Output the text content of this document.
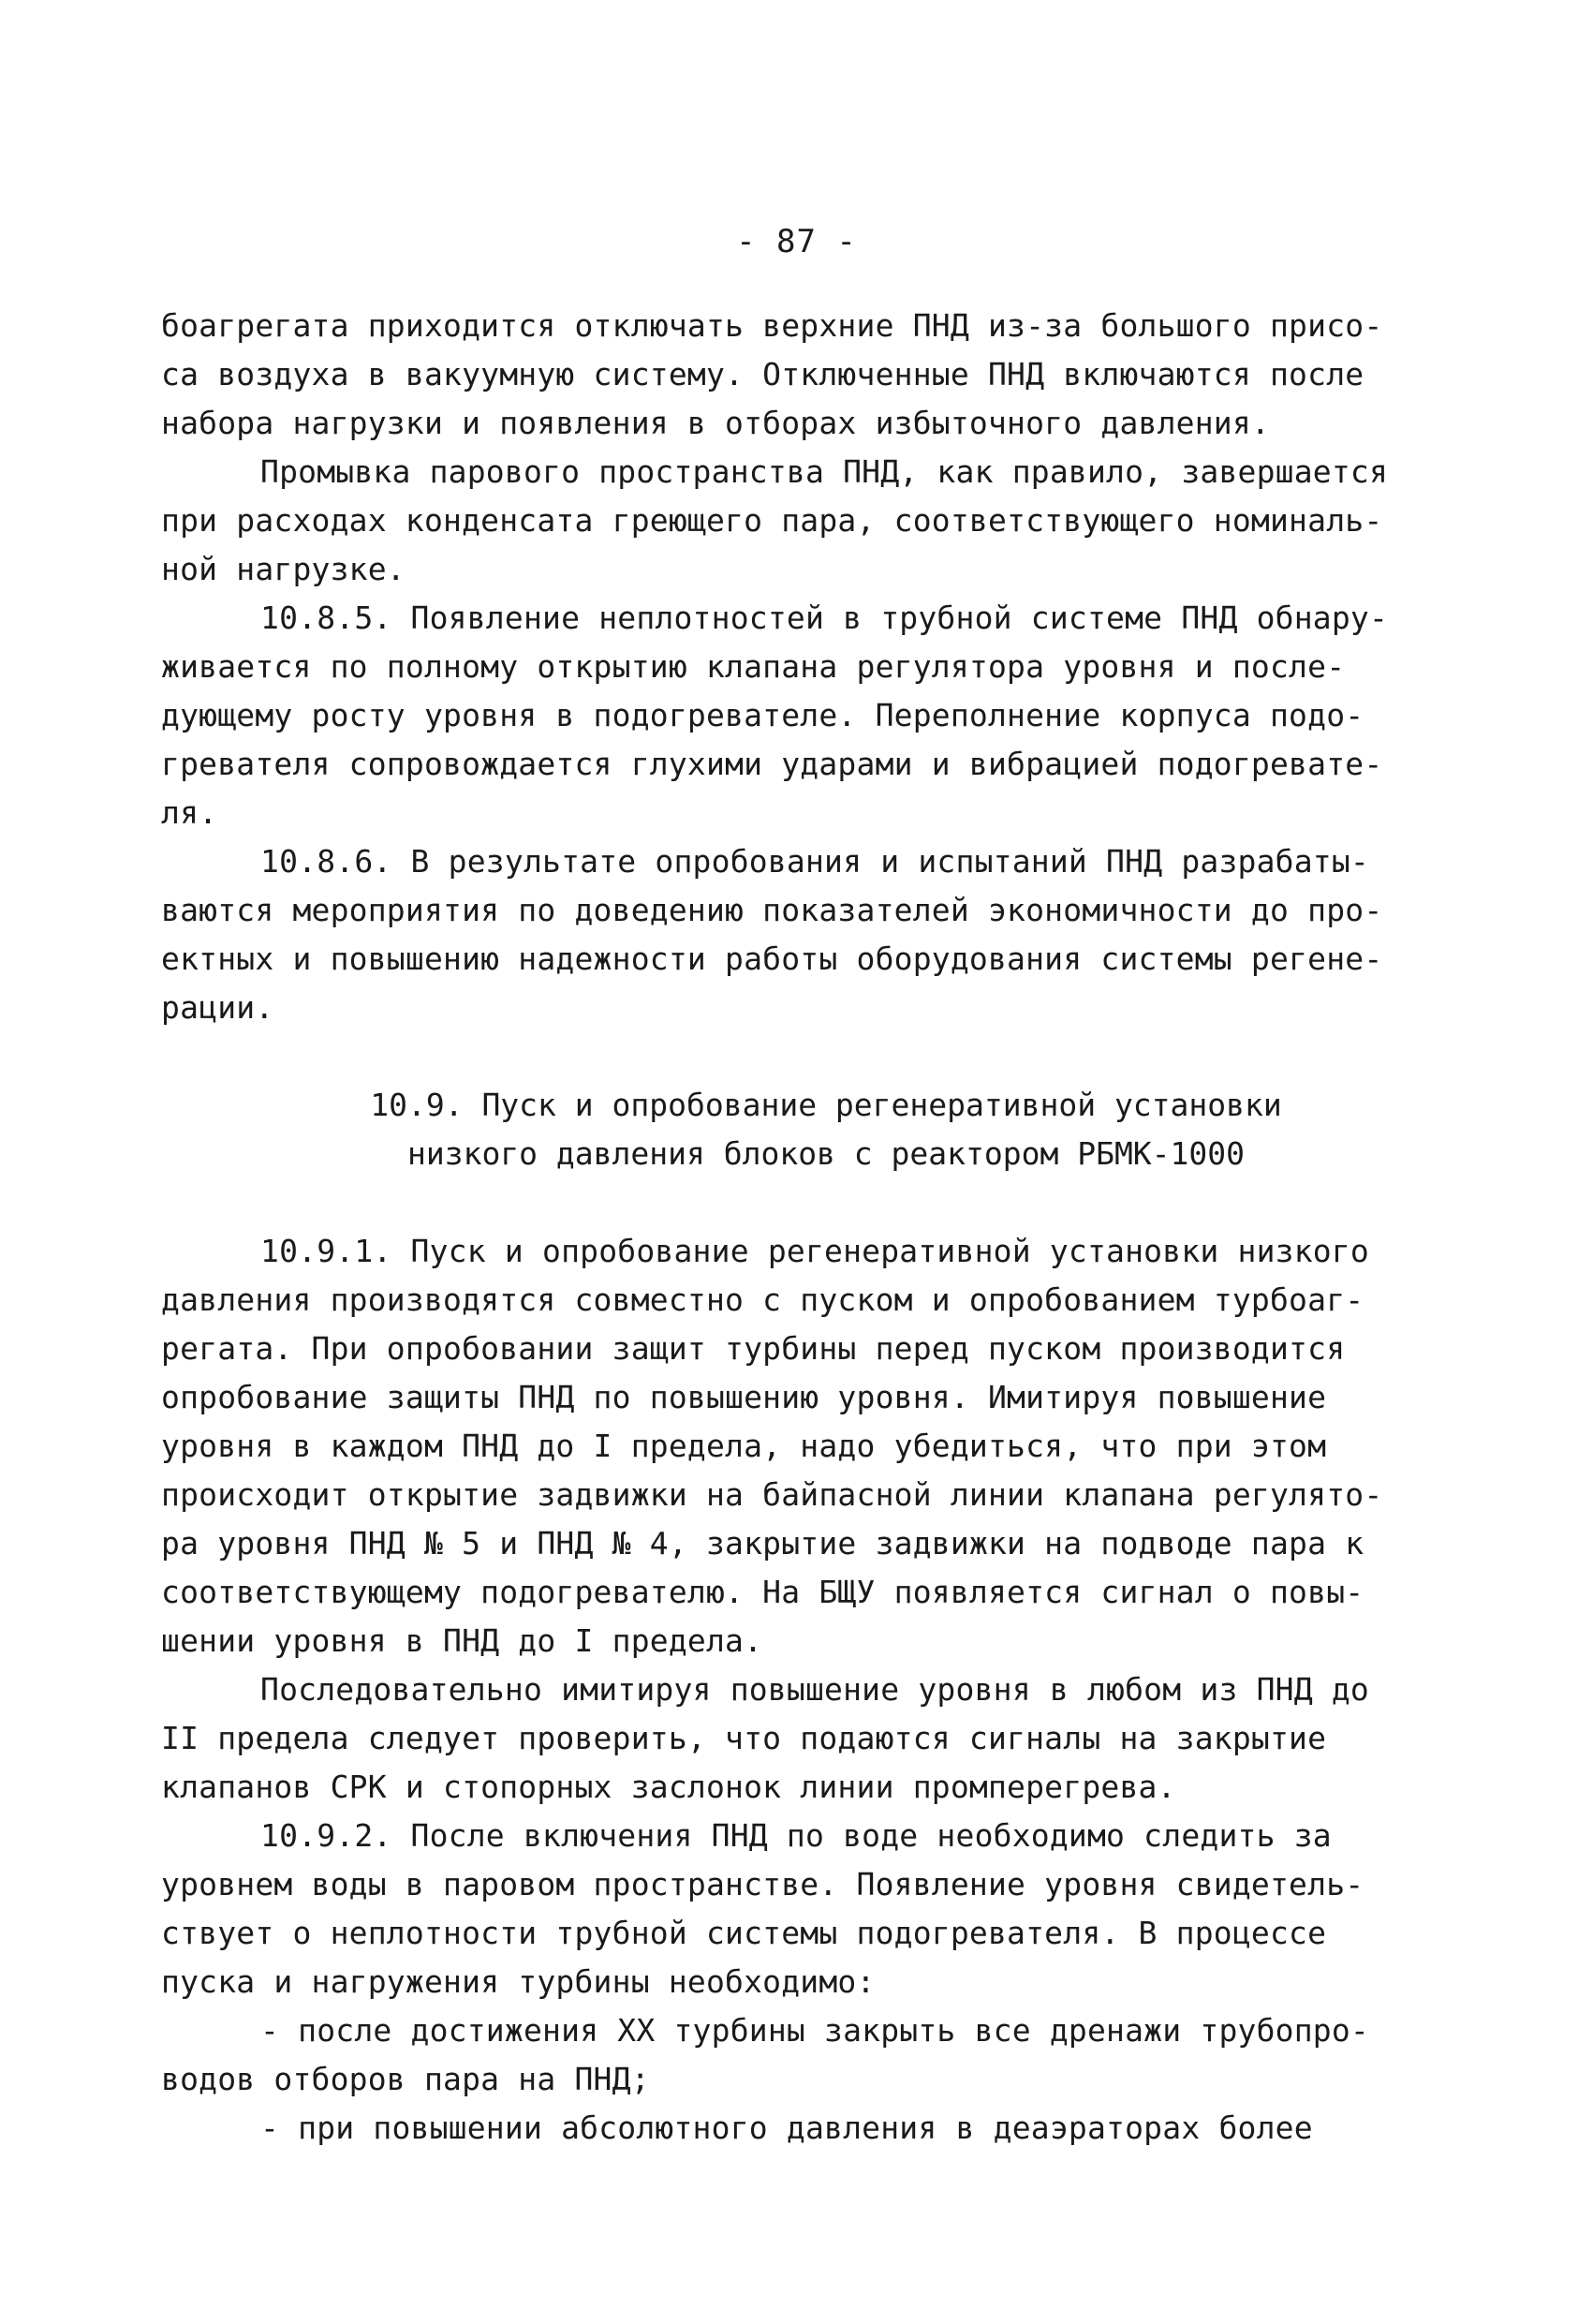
- 87 -
боагрегата приходится отключать верхние ПНД из-за большого присо-
са воздуха в вакуумную систему. Отключенные ПНД включаются после
набора нагрузки и появления в отборах избыточного давления.
Промывка парового пространства ПНД, как правило, завершается
при расходах конденсата греющего пара, соответствующего номиналь-
ной нагрузке.
10.8.5. Появление неплотностей в трубной системе ПНД обнару-
живается по полному открытию клапана регулятора уровня и после-
дующему росту уровня в подогревателе. Переполнение корпуса подо-
гревателя сопровождается глухими ударами и вибрацией подогревате-
ля.
10.8.6. В результате опробования и испытаний ПНД разрабаты-
ваются мероприятия по доведению показателей экономичности до про-
ектных и повышению надежности работы оборудования системы регене-
рации.
10.9. Пуск и опробование регенеративной установки
низкого давления блоков с реактором РБМК-1000
10.9.1. Пуск и опробование регенеративной установки низкого
давления производятся совместно с пуском и опробованием турбоаг-
регата. При опробовании защит турбины перед пуском производится
опробование защиты ПНД по повышению уровня. Имитируя повышение
уровня в каждом ПНД до I предела, надо убедиться, что при этом
происходит открытие задвижки на байпасной линии клапана регулято-
ра уровня ПНД № 5 и ПНД № 4, закрытие задвижки на подводе пара к
соответствующему подогревателю. На БЩУ появляется сигнал о повы-
шении уровня в ПНД до I предела.
Последовательно имитируя повышение уровня в любом из ПНД до
II предела следует проверить, что подаются сигналы на закрытие
клапанов СРК и стопорных заслонок линии промперегрева.
10.9.2. После включения ПНД по воде необходимо следить за
уровнем воды в паровом пространстве. Появление уровня свидетель-
ствует о неплотности трубной системы подогревателя. В процессе
пуска и нагружения турбины необходимо:
- после достижения XX турбины закрыть все дренажи трубопро-
водов отборов пара на ПНД;
- при повышении абсолютного давления в деаэраторах более
